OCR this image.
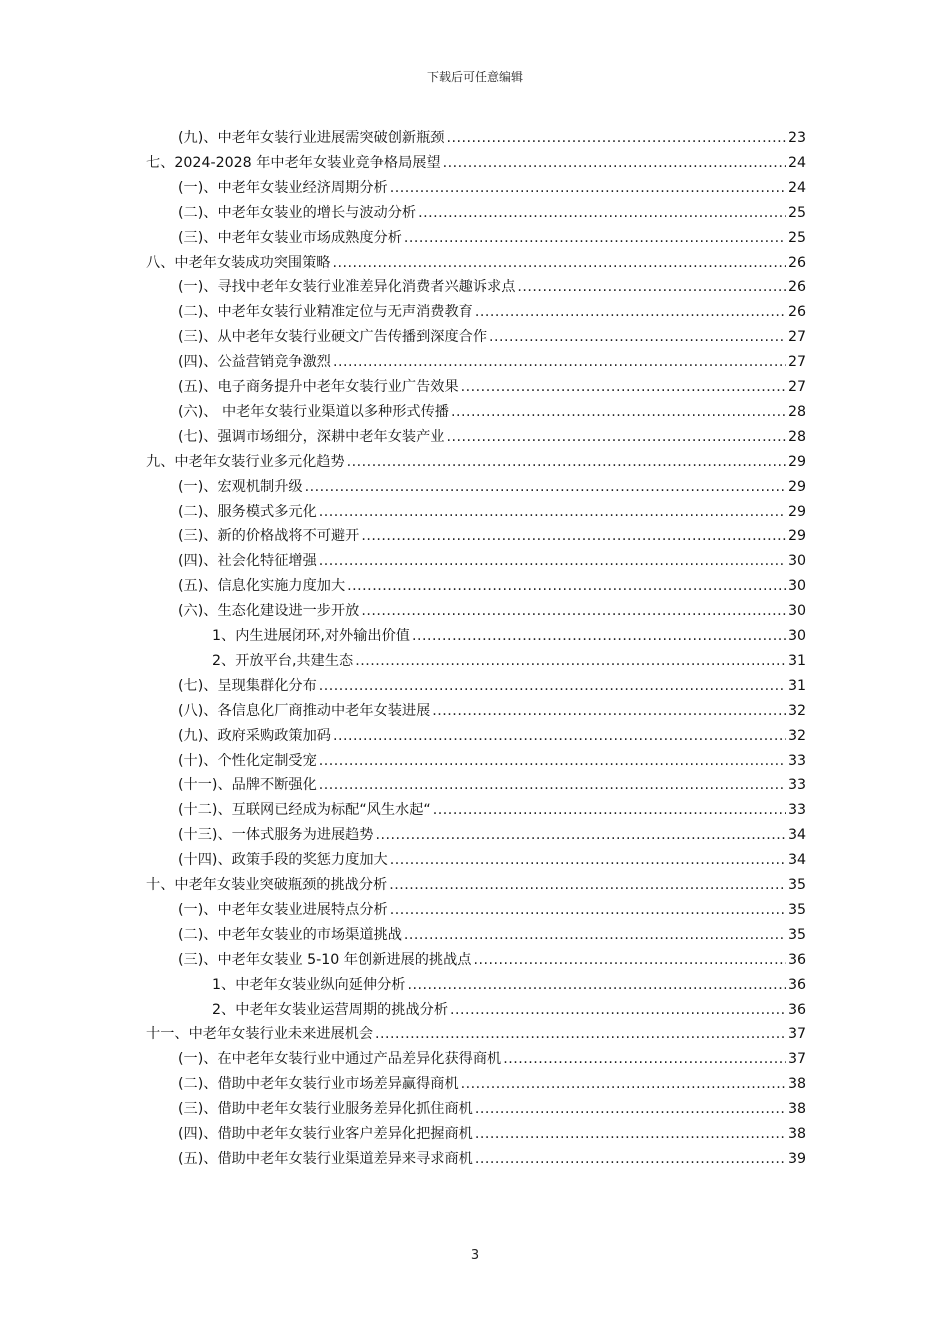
下载后可任意编辑
(九)、中老年女装行业进展需突破创新瓶颈 .....	23
七、2024-2028 年中老年女装业竞争格局展望 .....	24
(一)、中老年女装业经济周期分析 .....	24
(二)、中老年女装业的增长与波动分析 .....	25
(三)、中老年女装业市场成熟度分析 .....	25
八、中老年女装成功突围策略 .....	26
(一)、寻找中老年女装行业准差异化消费者兴趣诉求点 .....	26
(二)、中老年女装行业精准定位与无声消费教育 .....	26
(三)、从中老年女装行业硬文广告传播到深度合作 .....	27
(四)、公益营销竞争激烈 .....	27
(五)、电子商务提升中老年女装行业广告效果 .....	27
(六)、 中老年女装行业渠道以多种形式传播 .....	28
(七)、强调市场细分，深耕中老年女装产业 .....	28
九、中老年女装行业多元化趋势 .....	29
(一)、宏观机制升级 .....	29
(二)、服务模式多元化 .....	29
(三)、新的价格战将不可避开 .....	29
(四)、社会化特征增强 .....	30
(五)、信息化实施力度加大 .....	30
(六)、生态化建设进一步开放 .....	30
1、内生进展闭环,对外输出价值 .....	30
2、开放平台,共建生态 .....	31
(七)、呈现集群化分布 .....	31
(八)、各信息化厂商推动中老年女装进展 .....	32
(九)、政府采购政策加码 .....	32
(十)、个性化定制受宠 .....	33
(十一)、品牌不断强化 .....	33
(十二)、互联网已经成为标配“风生水起“ .....	33
(十三)、一体式服务为进展趋势 .....	34
(十四)、政策手段的奖惩力度加大 .....	34
十、中老年女装业突破瓶颈的挑战分析 .....	35
(一)、中老年女装业进展特点分析 .....	35
(二)、中老年女装业的市场渠道挑战 .....	35
(三)、中老年女装业 5-10 年创新进展的挑战点 .....	36
1、中老年女装业纵向延伸分析 .....	36
2、中老年女装业运营周期的挑战分析 .....	36
十一、中老年女装行业未来进展机会 .....	37
(一)、在中老年女装行业中通过产品差异化获得商机 .....	37
(二)、借助中老年女装行业市场差异赢得商机 .....	38
(三)、借助中老年女装行业服务差异化抓住商机 .....	38
(四)、借助中老年女装行业客户差异化把握商机 .....	38
(五)、借助中老年女装行业渠道差异来寻求商机 .....	39
3
